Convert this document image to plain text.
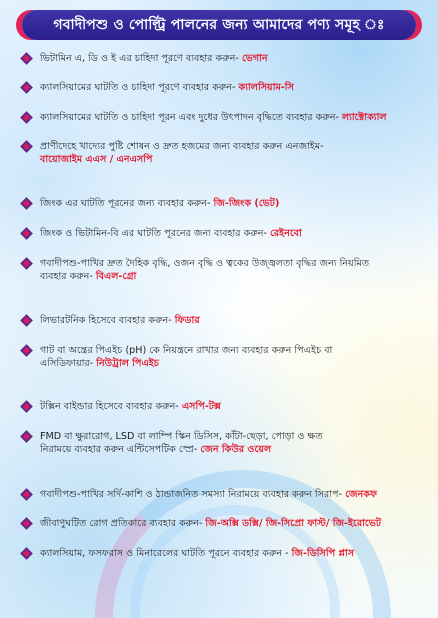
গবাদীপশু ও পোল্ট্রি পালনের জন্য আমাদের পণ্য সমূহ ঃ
ভিটামিন এ, ডি ও ই এর চাহিদা পূরণে ব্যবহার করুন- ভেগান
ক্যালসিয়ামের ঘাটতি ও চাহিদা পূরণে ব্যবহার করুন- ক্যালসিয়াম-সি
ক্যালসিয়ামের ঘাটতি ও চাহিদা পূরন এবং দুধের উৎপাদন বৃদ্ধিতে ব্যবহার করুন- ল্যাক্টোক্যাল
প্রাণীদেহে খাদ্যের পুষ্টি শোষন ও দ্রুত হজমের জন্য ব্যবহার করুন এনজাইম-
বায়োজাইম এএস / এনএসপি
জিংক এর ঘাটতি পূরনের জন্য ব্যবহার করুন- জি-জিংক (ভেট)
জিংক ও ভিটামিন-বি এর ঘাটতি পূরনের জন্য ব্যবহার করুন- রেইনবো
গবাদীপশু-পাখির দ্রুত দৈহিক বৃদ্ধি, ওজন বৃদ্ধি ও ত্বকের উজ্জ্বলতা বৃদ্ধির জন্য নিয়মিত
ব্যবহার করুন- বিএল-গ্রো
লিভারটনিক হিসেবে ব্যবহার করুন- ফিডার
গাট বা অন্ত্রের পিএইচ (pH) কে নিয়ন্ত্রনে রাখার জন্য ব্যবহার করুন পিএইচ বা
এসিডিফায়ার- নিউট্রাল পিএইচ
টক্সিন বাইন্ডার হিসেবে ব্যবহার করুন- এসপি-টক্স
FMD বা ক্ষুরারোগ, LSD বা লাম্পি স্কিন ডিসিস, কাঁটা-ছেড়া, পোড়া ও ক্ষত
নিরাময়ে ব্যবহার করুন এন্টিসেপটিক স্প্রে- জেন কিউর ওয়েল
গবাদীপশু-পাখির সর্দি-কাশি ও ঠান্ডাজনিত সমস্যা নিরাময়ে ব্যবহার করুন সিরাপ- জেনকফ
জীবাণুঘটিত রোগ প্রতিকারে ব্যবহার করুন- জি-অক্সি ডক্সি/ জি-সিপ্রো ফাস্ট/ জি-ইরোভেট
ক্যালসিয়াম, ফসফরাস ও মিনারেলের ঘাটতি পূরনে ব্যবহার করুন - জি-ডিসিপি প্লাস
